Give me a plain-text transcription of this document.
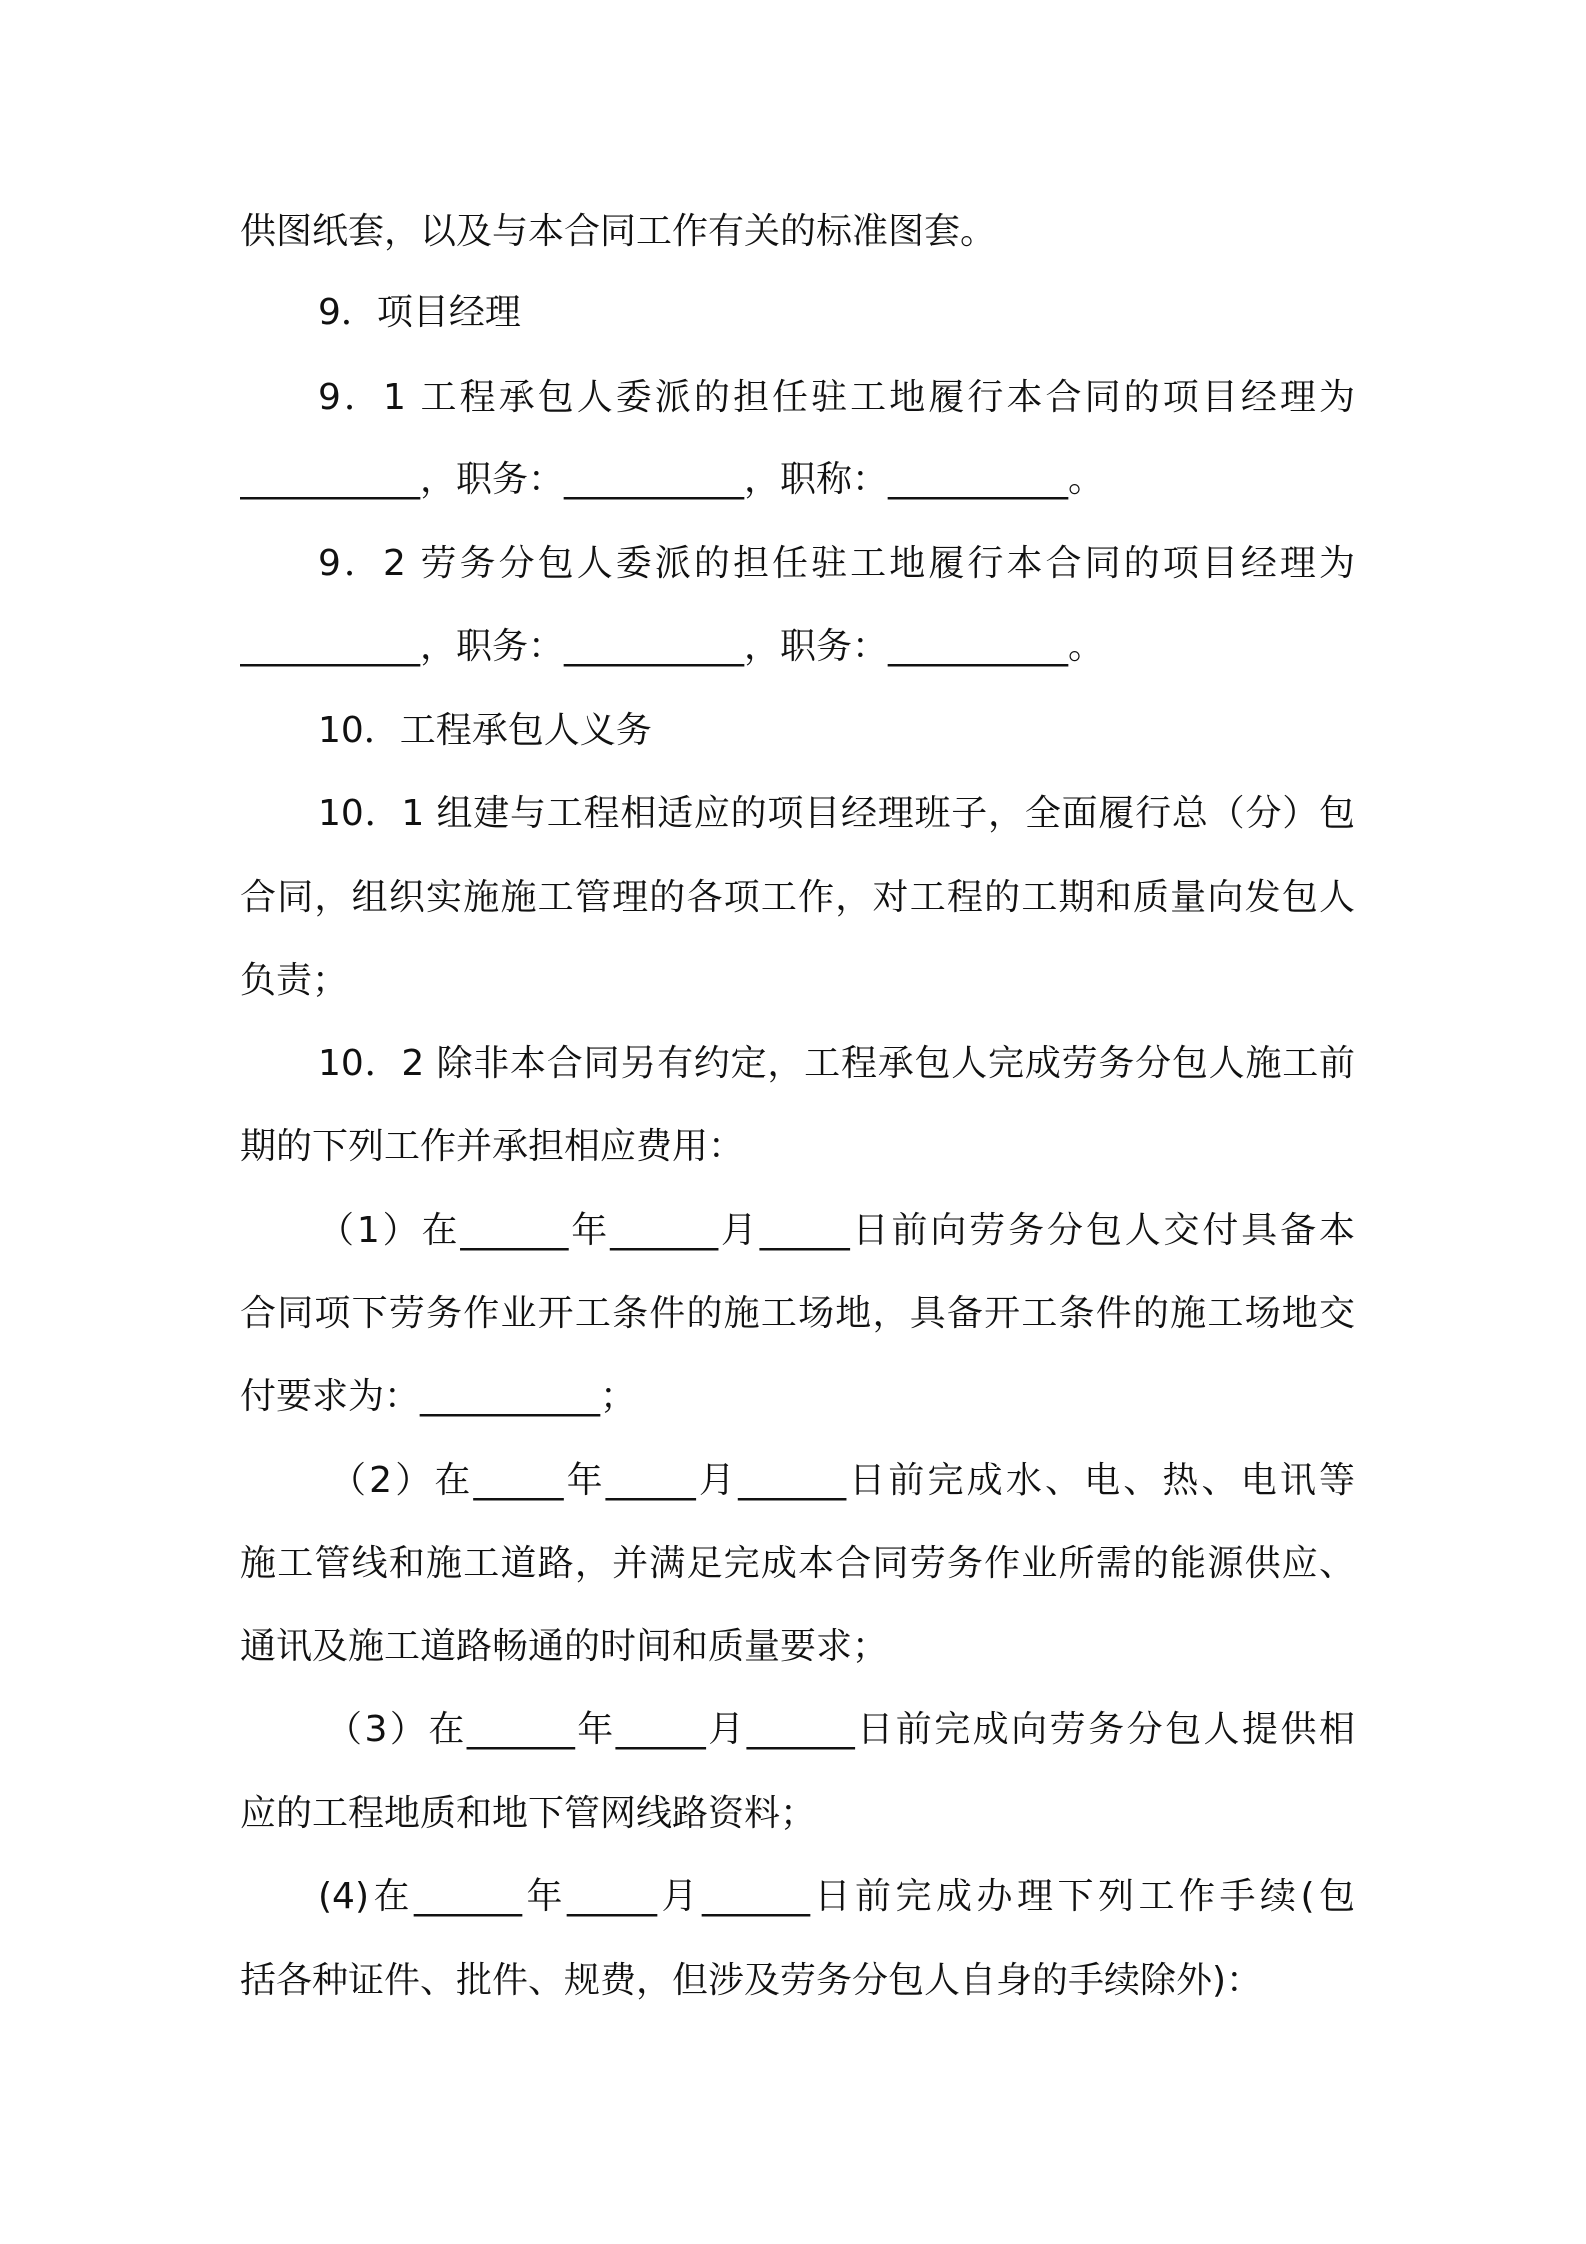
供图纸套，以及与本合同工作有关的标准图套。

9．项目经理

9．1 工程承包人委派的担任驻工地履行本合同的项目经理为

__________，职务：__________，职称：__________。

9．2 劳务分包人委派的担任驻工地履行本合同的项目经理为

__________，职务：__________，职务：__________。

10．工程承包人义务

10．1 组建与工程相适应的项目经理班子，全面履行总（分）包

合同，组织实施施工管理的各项工作，对工程的工期和质量向发包人

负责；

10．2 除非本合同另有约定，工程承包人完成劳务分包人施工前

期的下列工作并承担相应费用：

（1）在______年______月_____日前向劳务分包人交付具备本

合同项下劳务作业开工条件的施工场地，具备开工条件的施工场地交

付要求为：__________；

（2）在_____年_____月______日前完成水、电、热、电讯等

施工管线和施工道路，并满足完成本合同劳务作业所需的能源供应、

通讯及施工道路畅通的时间和质量要求；

（3）在______年_____月______日前完成向劳务分包人提供相

应的工程地质和地下管网线路资料；

(4)在______年_____月______日前完成办理下列工作手续(包

括各种证件、批件、规费，但涉及劳务分包人自身的手续除外)：
